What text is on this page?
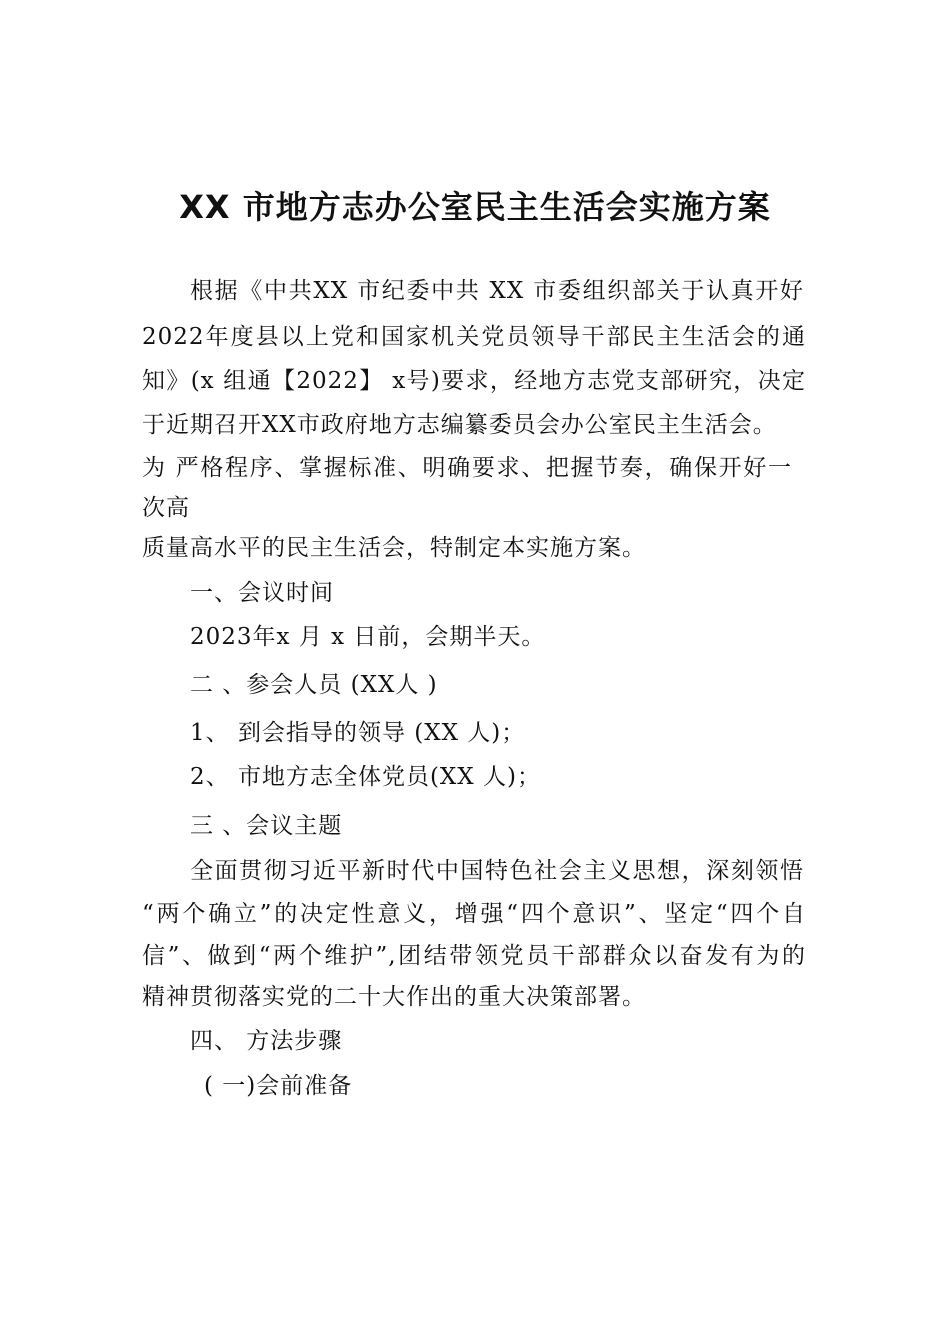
XX 市地方志办公室民主生活会实施方案
根据《中共XX 市纪委中共 XX 市委组织部关于认真开好
2022年度县以上党和国家机关党员领导干部民主生活会的通
知》(x 组通【2022】 x号)要求，经地方志党支部研究，决定
于近期召开XX市政府地方志编纂委员会办公室民主生活会。
为 严格程序、掌握标准、明确要求、把握节奏，确保开好一
次高
质量高水平的民主生活会，特制定本实施方案。
一、会议时间
2023年x 月 x 日前，会期半天。
二 、参会人员 (XX人 )
1、 到会指导的领导 (XX 人)；
2、 市地方志全体党员(XX 人)；
三 、会议主题
全面贯彻习近平新时代中国特色社会主义思想，深刻领悟
“两个确立”的决定性意义，增强“四个意识”、坚定“四个自
信”、做到“两个维护”,团结带领党员干部群众以奋发有为的
精神贯彻落实党的二十大作出的重大决策部署。
四、 方法步骤
( 一)会前准备
